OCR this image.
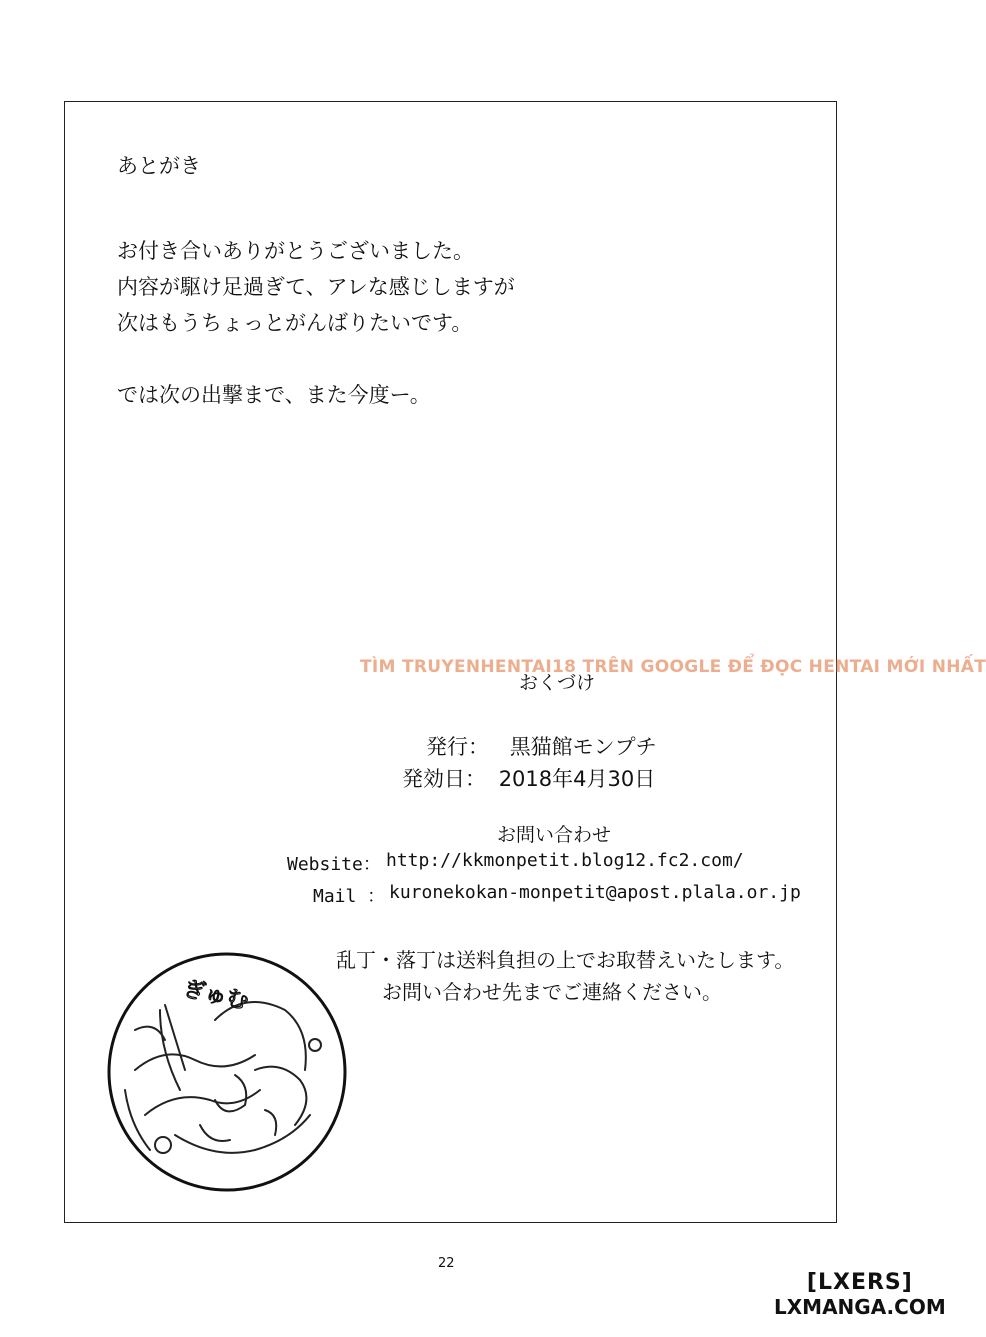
あとがき
お付き合いありがとうございました。
内容が駆け足過ぎて、アレな感じしますが
次はもうちょっとがんばりたいです。
では次の出撃まで、また今度ー。
TÌM TRUYENHENTAI18 TRÊN GOOGLE ĐỂ ĐỌC HENTAI MỚI NHẤT
おくづけ
発行： 黒猫館モンプチ
発効日： 2018年4月30日
お問い合わせ
Website： http://kkmonpetit.blog12.fc2.com/
Mail ： kuronekokan-monpetit@apost.plala.or.jp
乱丁・落丁は送料負担の上でお取替えいたします。
お問い合わせ先までご連絡ください。
ぎゅむ
22
[LXERS]
LXMANGA.COM
